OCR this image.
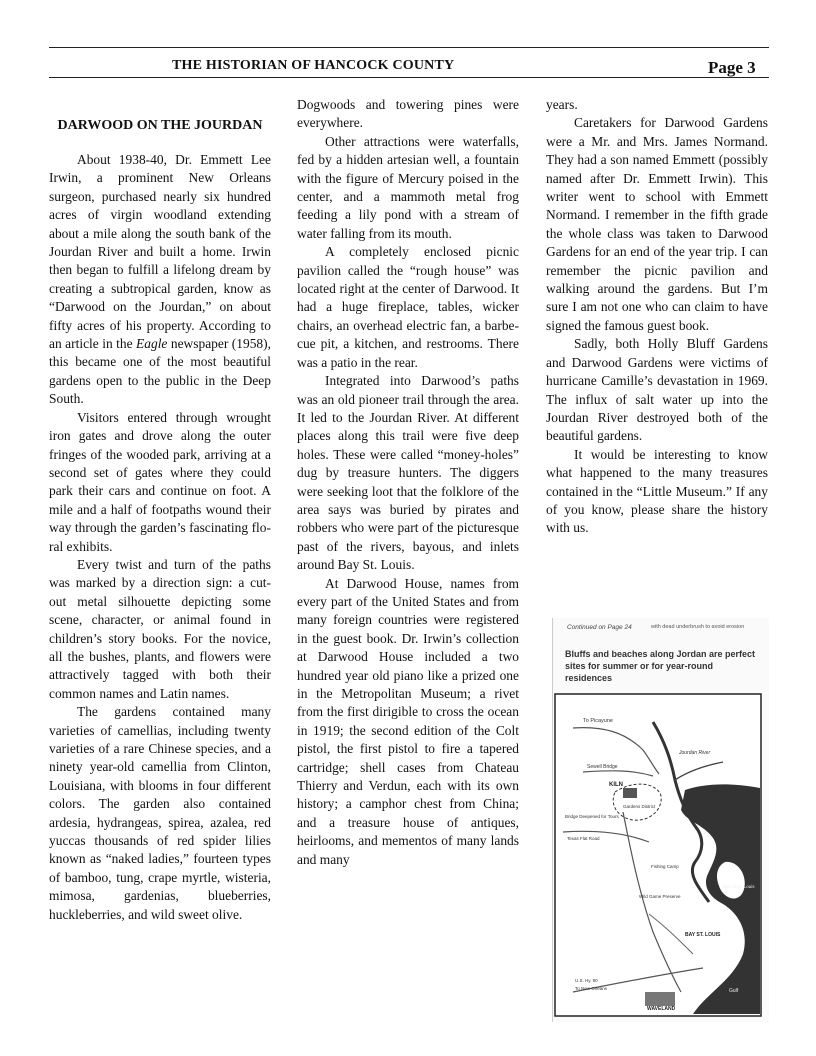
THE HISTORIAN OF HANCOCK COUNTY	Page 3
DARWOOD ON THE JOURDAN

About 1938-40, Dr. Emmett Lee Irwin, a prominent New Orleans surgeon, purchased nearly six hundred acres of virgin woodland extending about a mile along the south bank of the Jourdan River and built a home. Irwin then began to fulfill a lifelong dream by creating a subtropical garden, know as “Darwood on the Jourdan,” on about fifty acres of his property. According to an article in the Eagle newspaper (1958), this became one of the most beautiful gardens open to the public in the Deep South.

Visitors entered through wrought iron gates and drove along the outer fringes of the wooded park, arriving at a second set of gates where they could park their cars and continue on foot. A mile and a half of footpaths wound their way through the garden’s fascinating floral exhibits.

Every twist and turn of the paths was marked by a direction sign: a cut-out metal silhouette depicting some scene, character, or animal found in children’s story books. For the novice, all the bushes, plants, and flowers were attractively tagged with both their common names and Latin names.

The gardens contained many varieties of camellias, including twenty varieties of a rare Chinese species, and a ninety year-old camellia from Clinton, Louisiana, with blooms in four different colors. The garden also contained ardesia, hydrangeas, spirea, azalea, red yuccas thousands of red spider lilies known as “naked ladies,” fourteen types of bamboo, tung, crape myrtle, wisteria, mimosa, gardenias, blueberries, huckleberries, and wild sweet olive.

Dogwoods and towering pines were everywhere.

Other attractions were waterfalls, fed by a hidden artesian well, a fountain with the figure of Mercury poised in the center, and a mammoth metal frog feeding a lily pond with a stream of water falling from its mouth.

A completely enclosed picnic pavilion called the “rough house” was located right at the center of Darwood. It had a huge fireplace, tables, wicker chairs, an overhead electric fan, a barbecue pit, a kitchen, and restrooms. There was a patio in the rear.

Integrated into Darwood’s paths was an old pioneer trail through the area. It led to the Jourdan River. At different places along this trail were five deep holes. These were called “money-holes” dug by treasure hunters. The diggers were seeking loot that the folklore of the area says was buried by pirates and robbers who were part of the picturesque past of the rivers, bayous, and inlets around Bay St. Louis.

At Darwood House, names from every part of the United States and from many foreign countries were registered in the guest book. Dr. Irwin’s collection at Darwood House included a two hundred year old piano like a prized one in the Metropolitan Museum; a rivet from the first dirigible to cross the ocean in 1919; the second edition of the Colt pistol, the first pistol to fire a tapered cartridge; shell cases from Chateau Thierry and Verdun, each with its own history; a camphor chest from China; and a treasure house of antiques, heirlooms, and mementos of many lands and many

years.

Caretakers for Darwood Gardens were a Mr. and Mrs. James Normand. They had a son named Emmett (possibly named after Dr. Emmett Irwin). This writer went to school with Emmett Normand. I remember in the fifth grade the whole class was taken to Darwood Gardens for an end of the year trip. I can remember the picnic pavilion and walking around the gardens. But I’m sure I am not one who can claim to have signed the famous guest book.

Sadly, both Holly Bluff Gardens and Darwood Gardens were victims of hurricane Camille’s devastation in 1969. The influx of salt water up into the Jourdan River destroyed both of the beautiful gardens.

It would be interesting to know what happened to the many treasures contained in the “Little Museum.” If any of you know, please share the history with us.

Continued on Page 24	with dead underbrush to avoid erosion
Bluffs and beaches along Jordan are perfect sites for summer or for year-round residences
To Picayune
Sewell Bridge
KILN
Gardens District
Bridge Deepened for Tours
Texas Flat Road
Fishing Camp
Wild Game Preserve
Jourdan River
Bay of St. Louis
BAY ST. LOUIS
U.S. Hy. 90
To New Orleans
WAVELAND
Gulf
